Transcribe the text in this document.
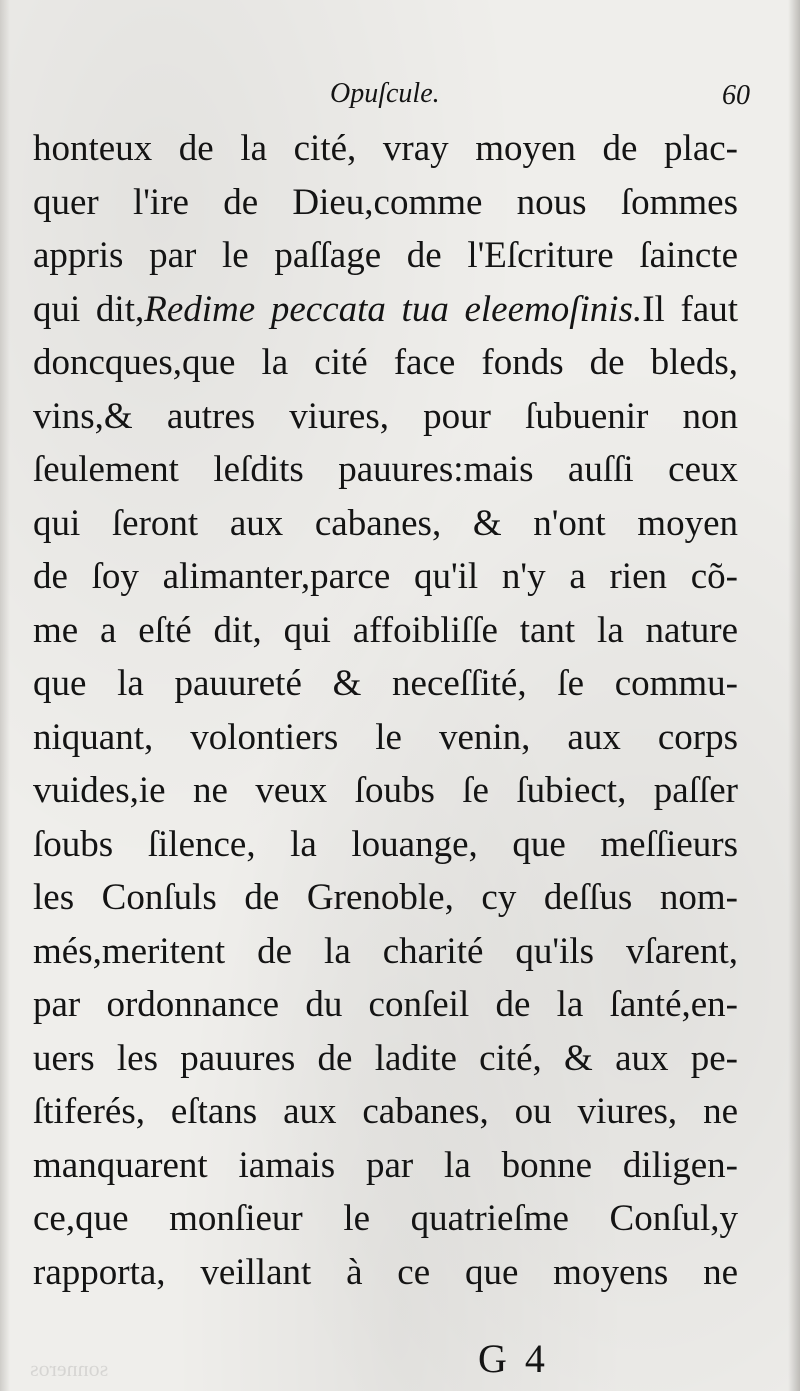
Opuſcule.	60
honteux de la cité, vray moyen de plac-
quer l'ire de Dieu,comme nous ſommes
appris par le paſſage de l'Eſcriture ſaincte
qui dit,Redime peccata tua eleemoſinis.Il faut
doncques,que la cité face fonds de bleds,
vins,& autres viures, pour ſubuenir non
ſeulement leſdits pauures:mais auſſi ceux
qui ſeront aux cabanes, & n'ont moyen
de ſoy alimanter,parce qu'il n'y a rien cõ-
me a eſté dit, qui affoibliſſe tant la nature
que la pauureté & neceſſité, ſe commu-
niquant, volontiers le venin, aux corps
vuides,ie ne veux ſoubs ſe ſubiect, paſſer
ſoubs ſilence, la louange, que meſſieurs
les Conſuls de Grenoble, cy deſſus nom-
més,meritent de la charité qu'ils vſarent,
par ordonnance du conſeil de la ſanté,en-
uers les pauures de ladite cité, & aux pe-
ſtiferés, eſtans aux cabanes, ou viures, ne
manquarent iamais par la bonne diligen-
ce,que monſieur le quatrieſme Conſul,y
rapporta, veillant à ce que moyens ne
sonneros	G 4
